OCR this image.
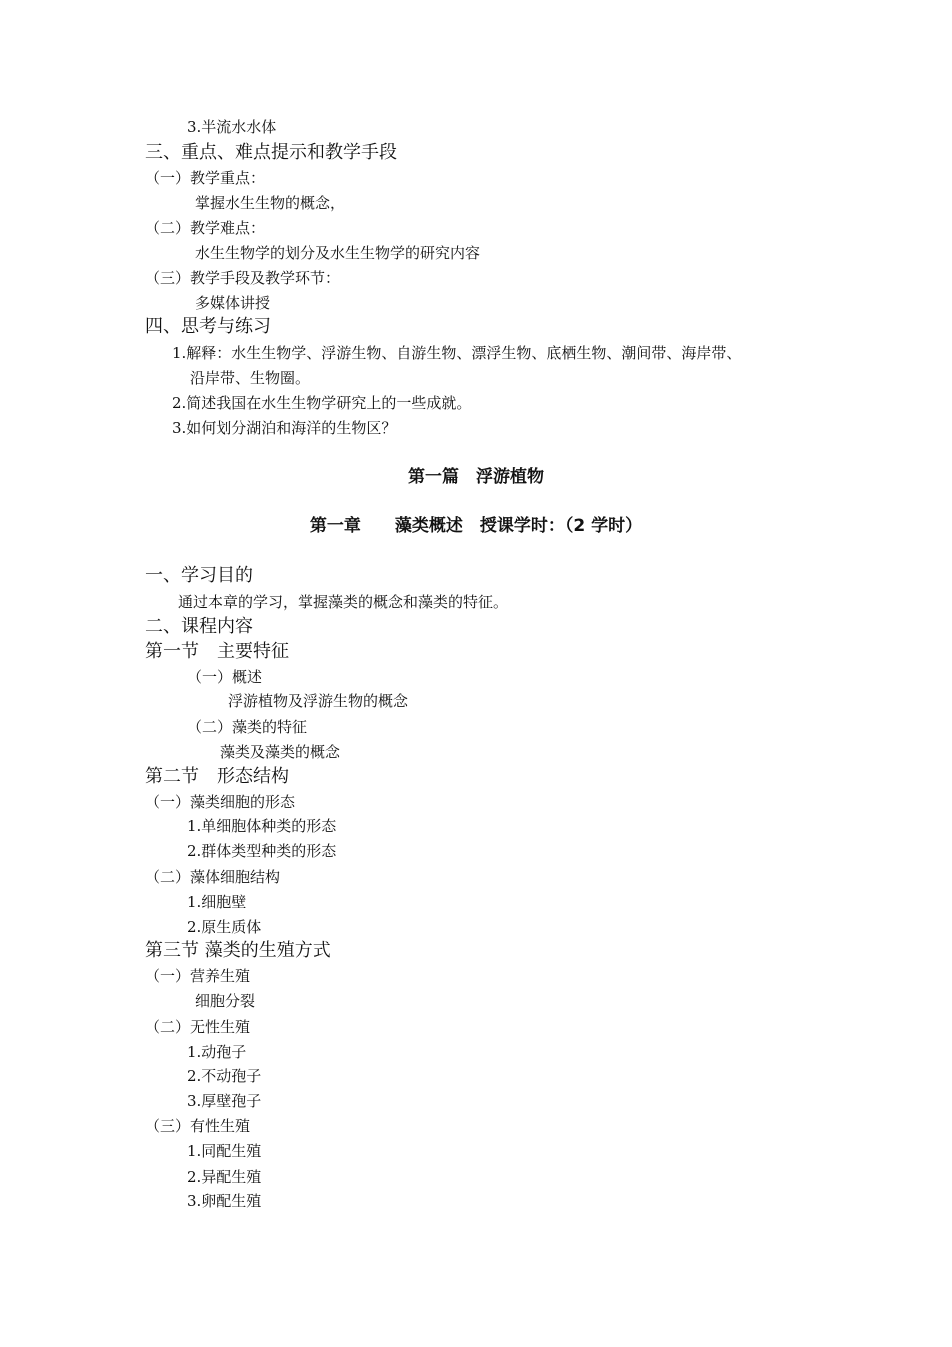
3.半流水水体
三、重点、难点提示和教学手段
（一）教学重点：
掌握水生生物的概念，
（二）教学难点：
水生生物学的划分及水生生物学的研究内容
（三）教学手段及教学环节：
多媒体讲授
四、思考与练习
1.解释：水生生物学、浮游生物、自游生物、漂浮生物、底栖生物、潮间带、海岸带、
沿岸带、生物圈。
2.简述我国在水生生物学研究上的一些成就。
3.如何划分湖泊和海洋的生物区？
第一篇　浮游植物
第一章　　藻类概述　授课学时：（2 学时）
一、学习目的
通过本章的学习，掌握藻类的概念和藻类的特征。
二、课程内容
第一节　主要特征
（一）概述
浮游植物及浮游生物的概念
（二）藻类的特征
藻类及藻类的概念
第二节　形态结构
（一）藻类细胞的形态
1.单细胞体种类的形态
2.群体类型种类的形态
（二）藻体细胞结构
1.细胞壁
2.原生质体
第三节 藻类的生殖方式
（一）营养生殖
细胞分裂
（二）无性生殖
1.动孢子
2.不动孢子
3.厚壁孢子
（三）有性生殖
1.同配生殖
2.异配生殖
3.卵配生殖
